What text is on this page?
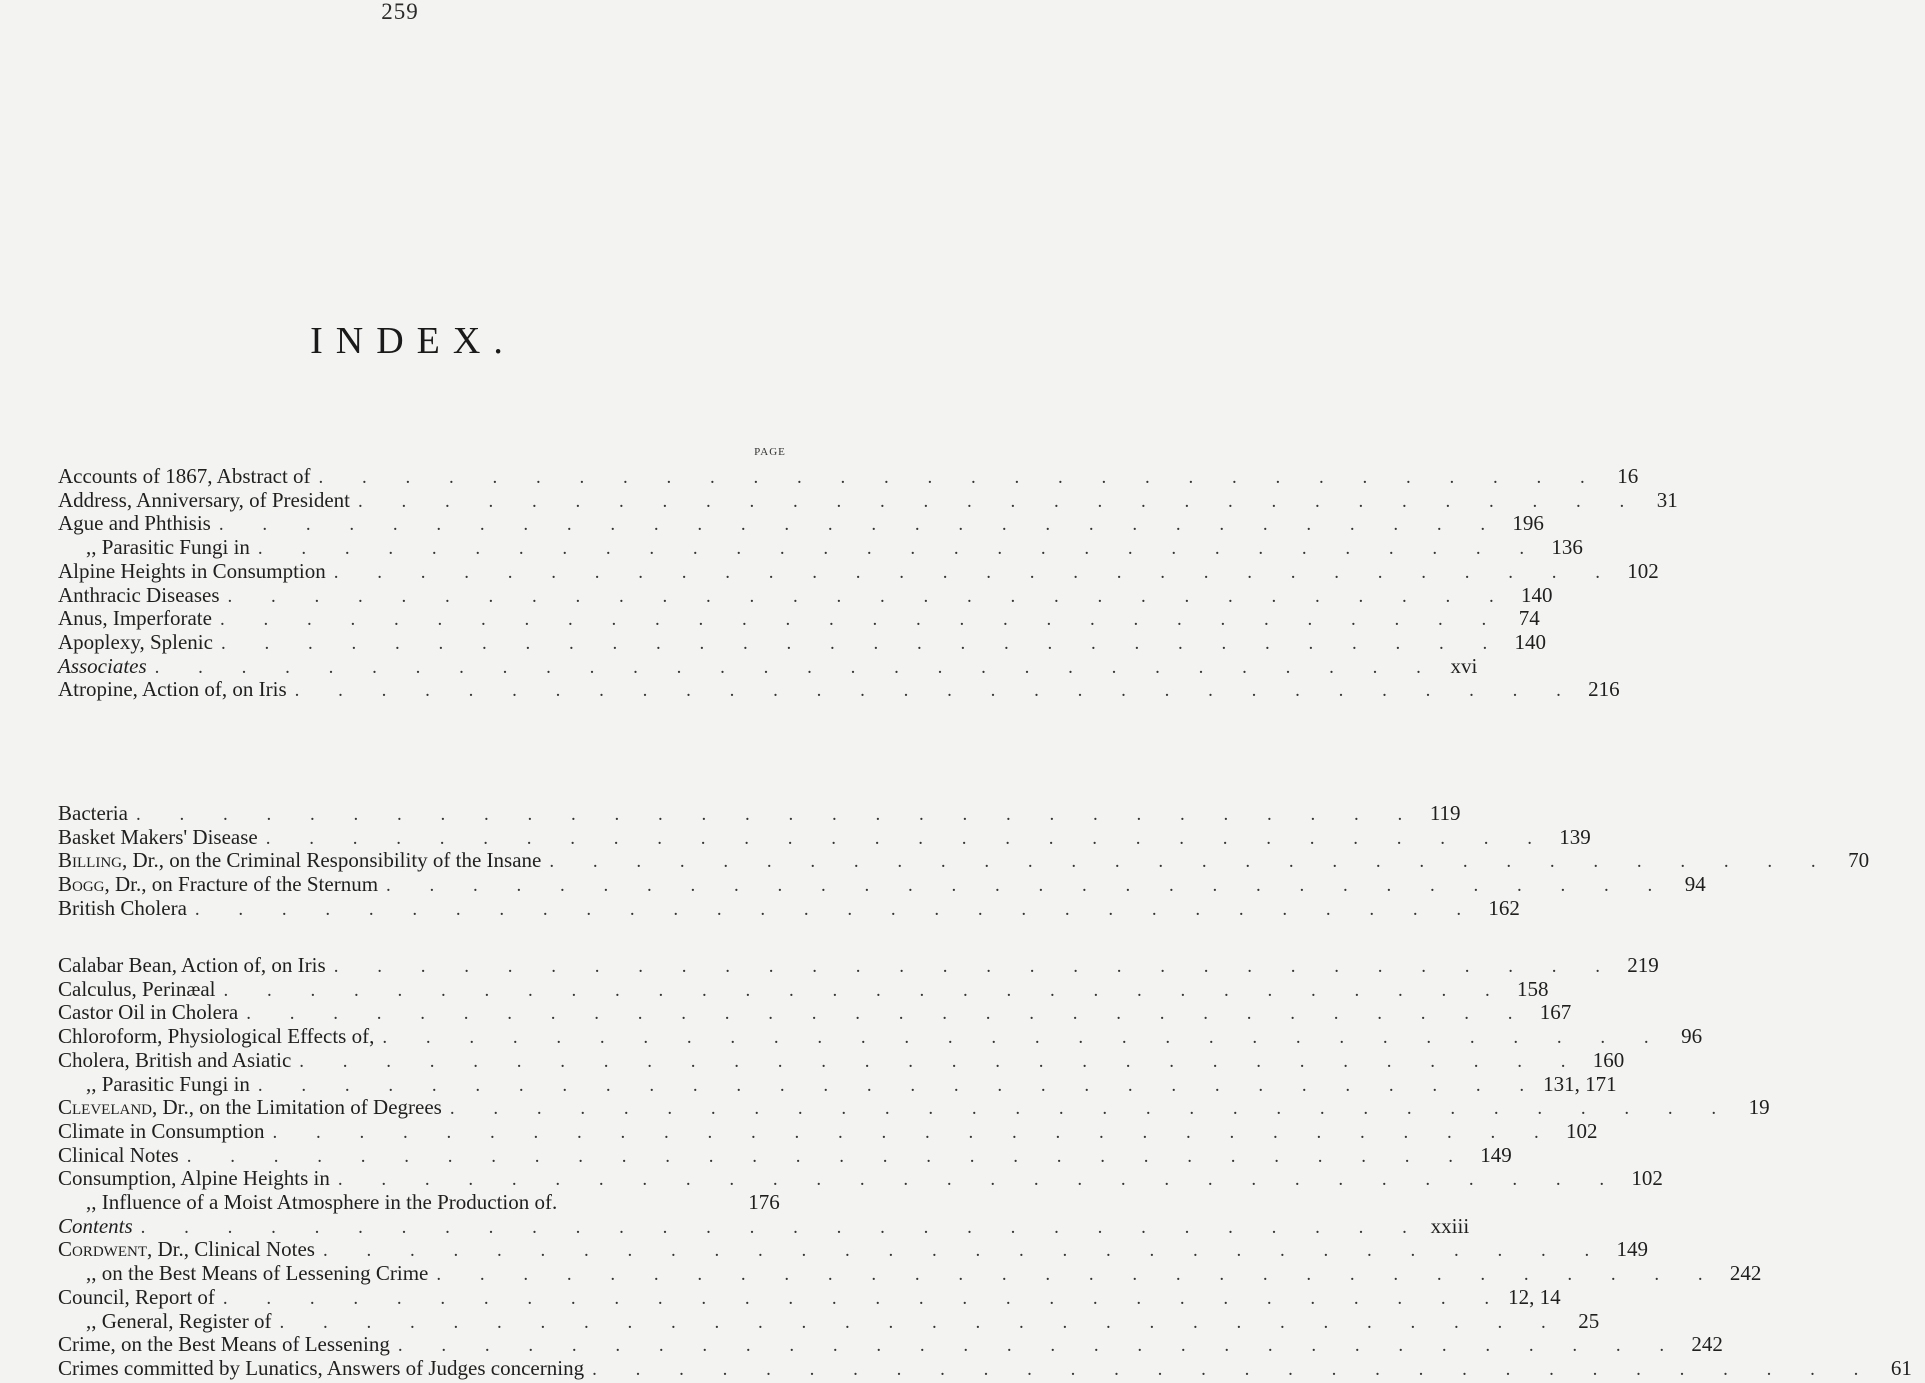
259
INDEX.
PAGE
Accounts of 1867, Abstract of . . . . . . . . . . . . . . . . . . . . . . . . . . . . . . 16
Address, Anniversary, of President . . . . . . . . . . . . . . . . . . . . . . . . . . . . . . 31
Ague and Phthisis . . . . . . . . . . . . . . . . . . . . . . . . . . . . . . 196
,, Parasitic Fungi in . . . . . . . . . . . . . . . . . . . . . . . . . . . . . . 136
Alpine Heights in Consumption . . . . . . . . . . . . . . . . . . . . . . . . . . . . . . 102
Anthracic Diseases . . . . . . . . . . . . . . . . . . . . . . . . . . . . . . 140
Anus, Imperforate . . . . . . . . . . . . . . . . . . . . . . . . . . . . . . 74
Apoplexy, Splenic . . . . . . . . . . . . . . . . . . . . . . . . . . . . . . 140
Associates . . . . . . . . . . . . . . . . . . . . . . . . . . . . . . xvi
Atropine, Action of, on Iris . . . . . . . . . . . . . . . . . . . . . . . . . . . . . . 216
Bacteria . . . . . . . . . . . . . . . . . . . . . . . . . . . . . . 119
Basket Makers' Disease . . . . . . . . . . . . . . . . . . . . . . . . . . . . . . 139
Billing, Dr., on the Criminal Responsibility of the Insane . . . . . . . . . . . . . . . . . . . . . . . . . . . . . . 70
Bogg, Dr., on Fracture of the Sternum . . . . . . . . . . . . . . . . . . . . . . . . . . . . . . 94
British Cholera . . . . . . . . . . . . . . . . . . . . . . . . . . . . . . 162
Calabar Bean, Action of, on Iris . . . . . . . . . . . . . . . . . . . . . . . . . . . . . . 219
Calculus, Perinæal . . . . . . . . . . . . . . . . . . . . . . . . . . . . . . 158
Castor Oil in Cholera . . . . . . . . . . . . . . . . . . . . . . . . . . . . . . 167
Chloroform, Physiological Effects of, . . . . . . . . . . . . . . . . . . . . . . . . . . . . . . 96
Cholera, British and Asiatic . . . . . . . . . . . . . . . . . . . . . . . . . . . . . . 160
,, Parasitic Fungi in . . . . . . . . . . . . . . . . . . . . . . . . . . . . . . 131, 171
Cleveland, Dr., on the Limitation of Degrees . . . . . . . . . . . . . . . . . . . . . . . . . . . . . . 19
Climate in Consumption . . . . . . . . . . . . . . . . . . . . . . . . . . . . . . 102
Clinical Notes . . . . . . . . . . . . . . . . . . . . . . . . . . . . . . 149
Consumption, Alpine Heights in . . . . . . . . . . . . . . . . . . . . . . . . . . . . . . 102
,, Influence of a Moist Atmosphere in the Production of.	176
Contents . . . . . . . . . . . . . . . . . . . . . . . . . . . . . . xxiii
Cordwent, Dr., Clinical Notes . . . . . . . . . . . . . . . . . . . . . . . . . . . . . . 149
,, on the Best Means of Lessening Crime . . . . . . . . . . . . . . . . . . . . . . . . . . . . . . 242
Council, Report of . . . . . . . . . . . . . . . . . . . . . . . . . . . . . . 12, 14
,, General, Register of . . . . . . . . . . . . . . . . . . . . . . . . . . . . . . 25
Crime, on the Best Means of Lessening . . . . . . . . . . . . . . . . . . . . . . . . . . . . . . 242
Crimes committed by Lunatics, Answers of Judges concerning . . . . . . . . . . . . . . . . . . . . . . . . . . . . . . 61
